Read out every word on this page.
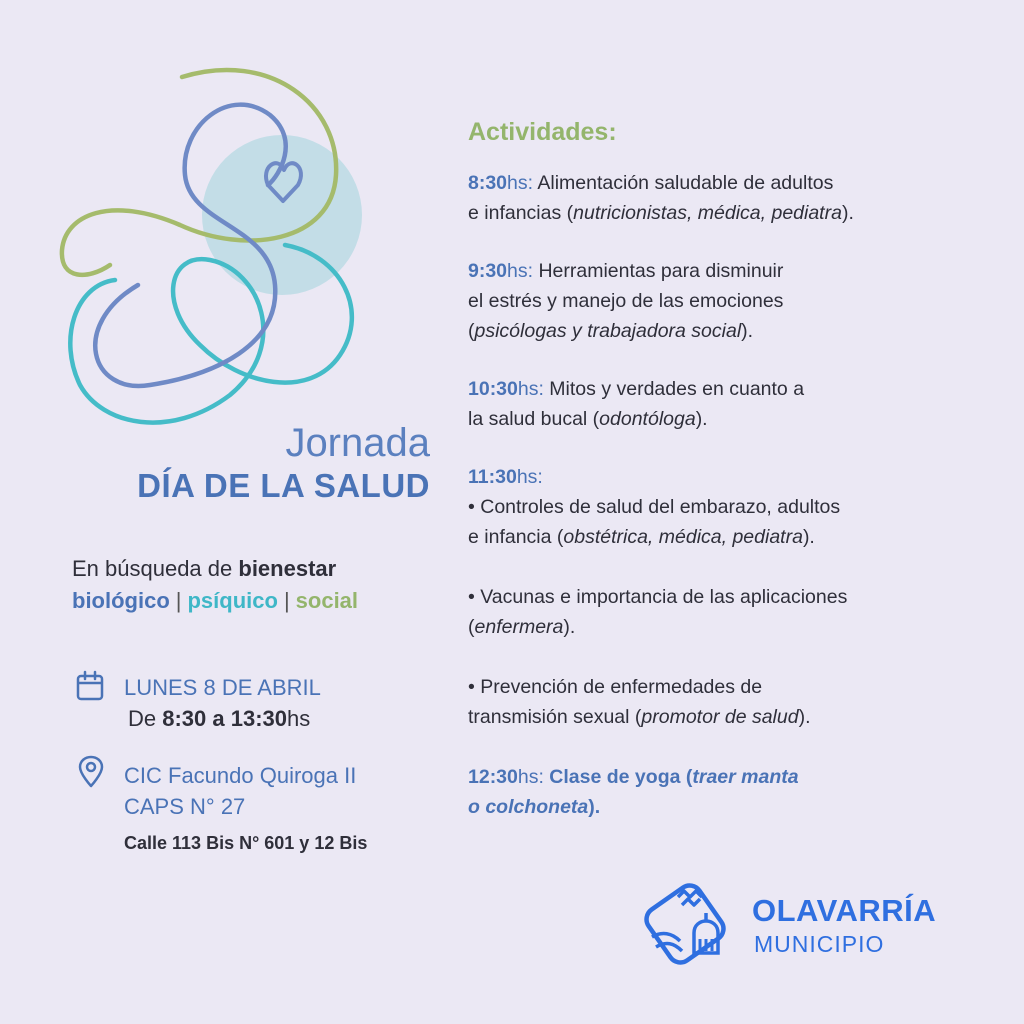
Jornada
DÍA DE LA SALUD
En búsqueda de bienestar
biológico | psíquico | social
LUNES 8 DE ABRIL
De 8:30 a 13:30hs
CIC Facundo Quiroga II
CAPS N° 27
Calle 113 Bis N° 601 y 12 Bis
Actividades:
8:30hs: Alimentación saludable de adultos
e infancias (nutricionistas, médica, pediatra).
9:30hs: Herramientas para disminuir
el estrés y manejo de las emociones
(psicólogas y trabajadora social).
10:30hs: Mitos y verdades en cuanto a
la salud bucal (odontóloga).
11:30hs:
• Controles de salud del embarazo, adultos
e infancia (obstétrica, médica, pediatra).
• Vacunas e importancia de las aplicaciones
(enfermera).
• Prevención de enfermedades de
transmisión sexual (promotor de salud).
12:30hs: Clase de yoga (traer manta
o colchoneta).
OLAVARRÍA
MUNICIPIO
